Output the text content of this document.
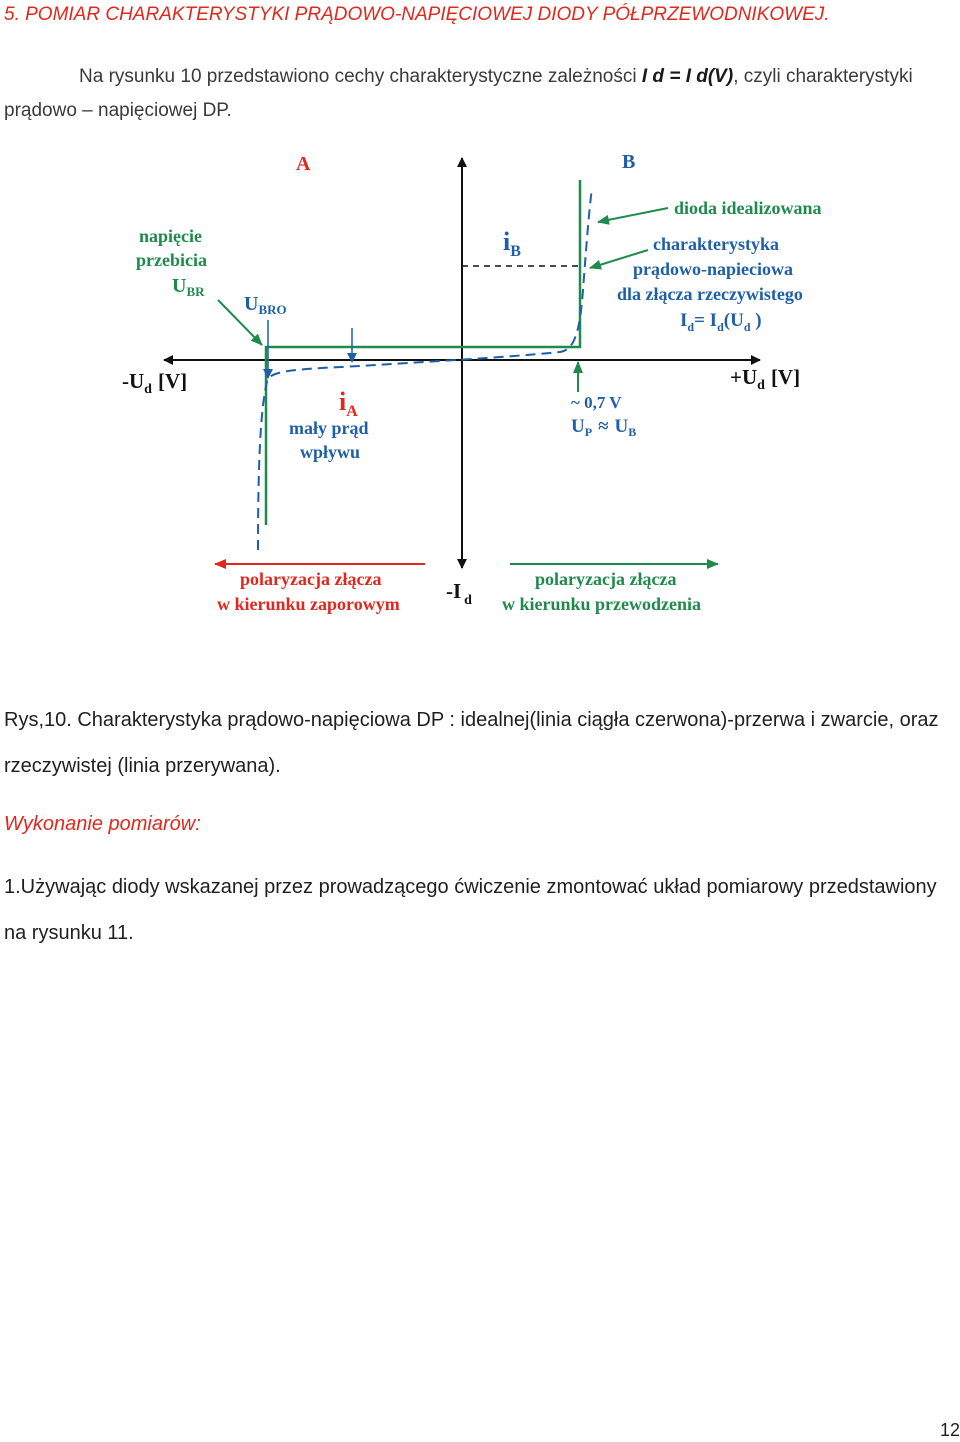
5. POMIAR CHARAKTERYSTYKI PRĄDOWO-NAPIĘCIOWEJ DIODY PÓŁPRZEWODNIKOWEJ.
Na rysunku 10 przedstawiono cechy charakterystyczne zależności I d = I d(V), czyli charakterystyki prądowo – napięciowej DP.
A	B
napięcie
przebicia
$U_{BR}$
$U_{BRO}$
$i_B$
dioda idealizowana
charakterystyka
prądowo-napieciowa
dla złącza rzeczywistego
$I_d= I_d(U_d$ )
$-U_d$ [V]	$+U_d$ [V]
$i_A$
mały prąd
wpływu
~ 0,7 V
$U_P \approx U_B$
-I $_d$
polaryzacja złącza
w kierunku zaporowym
polaryzacja złącza
w kierunku przewodzenia
Rys,10. Charakterystyka prądowo-napięciowa DP : idealnej(linia ciągła czerwona)-przerwa i zwarcie, oraz rzeczywistej (linia przerywana).
Wykonanie pomiarów:
1.Używając diody wskazanej przez prowadzącego ćwiczenie zmontować układ pomiarowy przedstawiony na rysunku 11.
12
